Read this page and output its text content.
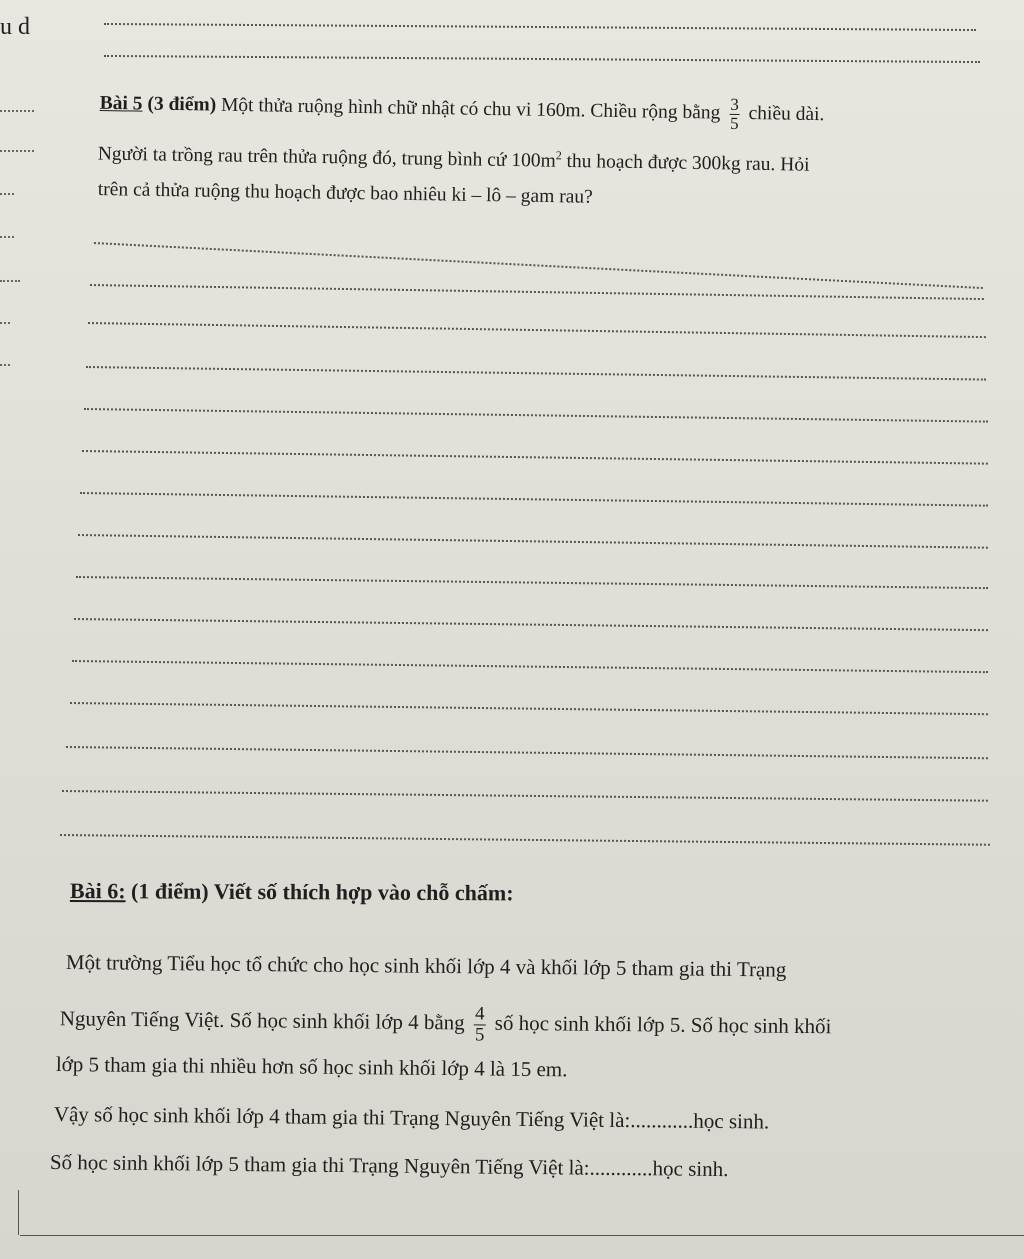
u d
Bài 5 (3 điểm) Một thửa ruộng hình chữ nhật có chu vi 160m. Chiều rộng bằng $\frac{3}{5}$ chiều dài.
Người ta trồng rau trên thửa ruộng đó, trung bình cứ $100m^2$ thu hoạch được 300kg rau. Hỏi
trên cả thửa ruộng thu hoạch được bao nhiêu ki – lô – gam rau?
Bài 6: (1 điểm) Viết số thích hợp vào chỗ chấm:
Một trường Tiểu học tổ chức cho học sinh khối lớp 4 và khối lớp 5 tham gia thi Trạng
Nguyên Tiếng Việt. Số học sinh khối lớp 4 bằng $\frac{4}{5}$ số học sinh khối lớp 5. Số học sinh khối
lớp 5 tham gia thi nhiều hơn số học sinh khối lớp 4 là 15 em.
Vậy số học sinh khối lớp 4 tham gia thi Trạng Nguyên Tiếng Việt là:............học sinh.
Số học sinh khối lớp 5 tham gia thi Trạng Nguyên Tiếng Việt là:............học sinh.
